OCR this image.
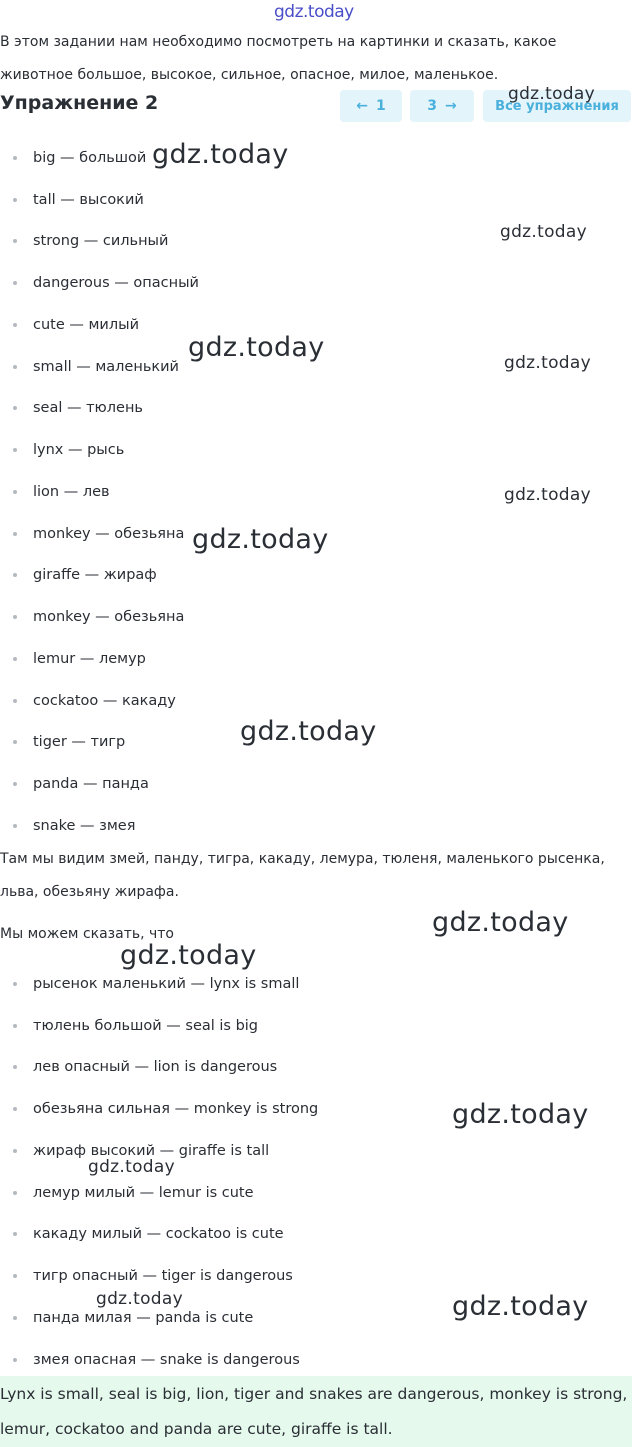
gdz.today
В этом задании нам необходимо посмотреть на картинки и сказать, какое животное большое, высокое, сильное, опасное, милое, маленькое.
Упражнение 2	← 1	3 →	Все упражнения
big — большой
tall — высокий
strong — сильный
dangerous — опасный
cute — милый
small — маленький
seal — тюлень
lynx — рысь
lion — лев
monkey — обезьяна
giraffe — жираф
monkey — обезьяна
lemur — лемур
cockatoo — какаду
tiger — тигр
panda — панда
snake — змея
Там мы видим змей, панду, тигра, какаду, лемура, тюленя, маленького рысенка, льва, обезьяну жирафа.
Мы можем сказать, что
рысенок маленький — lynx is small
тюлень большой — seal is big
лев опасный — lion is dangerous
обезьяна сильная — monkey is strong
жираф высокий — giraffe is tall
лемур милый — lemur is cute
какаду милый — cockatoo is cute
тигр опасный — tiger is dangerous
панда милая — panda is cute
змея опасная — snake is dangerous
Lynx is small, seal is big, lion, tiger and snakes are dangerous, monkey is strong, lemur, cockatoo and panda are cute, giraffe is tall.
gdz.today
gdz.today
gdz.today
gdz.today	gdz.today
gdz.today
gdz.today
gdz.today
gdz.today
gdz.today
gdz.today
gdz.today
gdz.today	gdz.today
